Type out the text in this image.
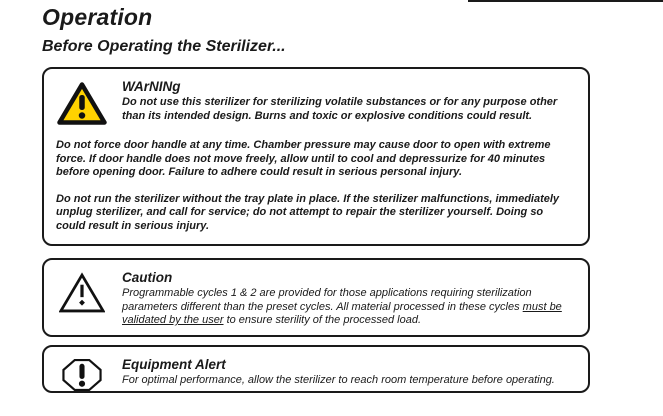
Operation
Before Operating the Sterilizer...
WArNINg
Do not use this sterilizer for sterilizing volatile substances or for any purpose other than its intended design. Burns and toxic or explosive conditions could result.

Do not force door handle at any time. Chamber pressure may cause door to open with extreme force. If door handle does not move freely, allow until to cool and depressurize for 40 minutes before opening door. Failure to adhere could result in serious personal injury.

Do not run the sterilizer without the tray plate in place. If the sterilizer malfunctions, immediately unplug sterilizer, and call for service; do not attempt to repair the sterilizer yourself. Doing so could result in serious injury.

Caution
Programmable cycles 1 & 2 are provided for those applications requiring sterilization parameters different than the preset cycles. All material processed in these cycles must be validated by the user to ensure sterility of the processed load.
Equipment Alert
For optimal performance, allow the sterilizer to reach room temperature before operating.
